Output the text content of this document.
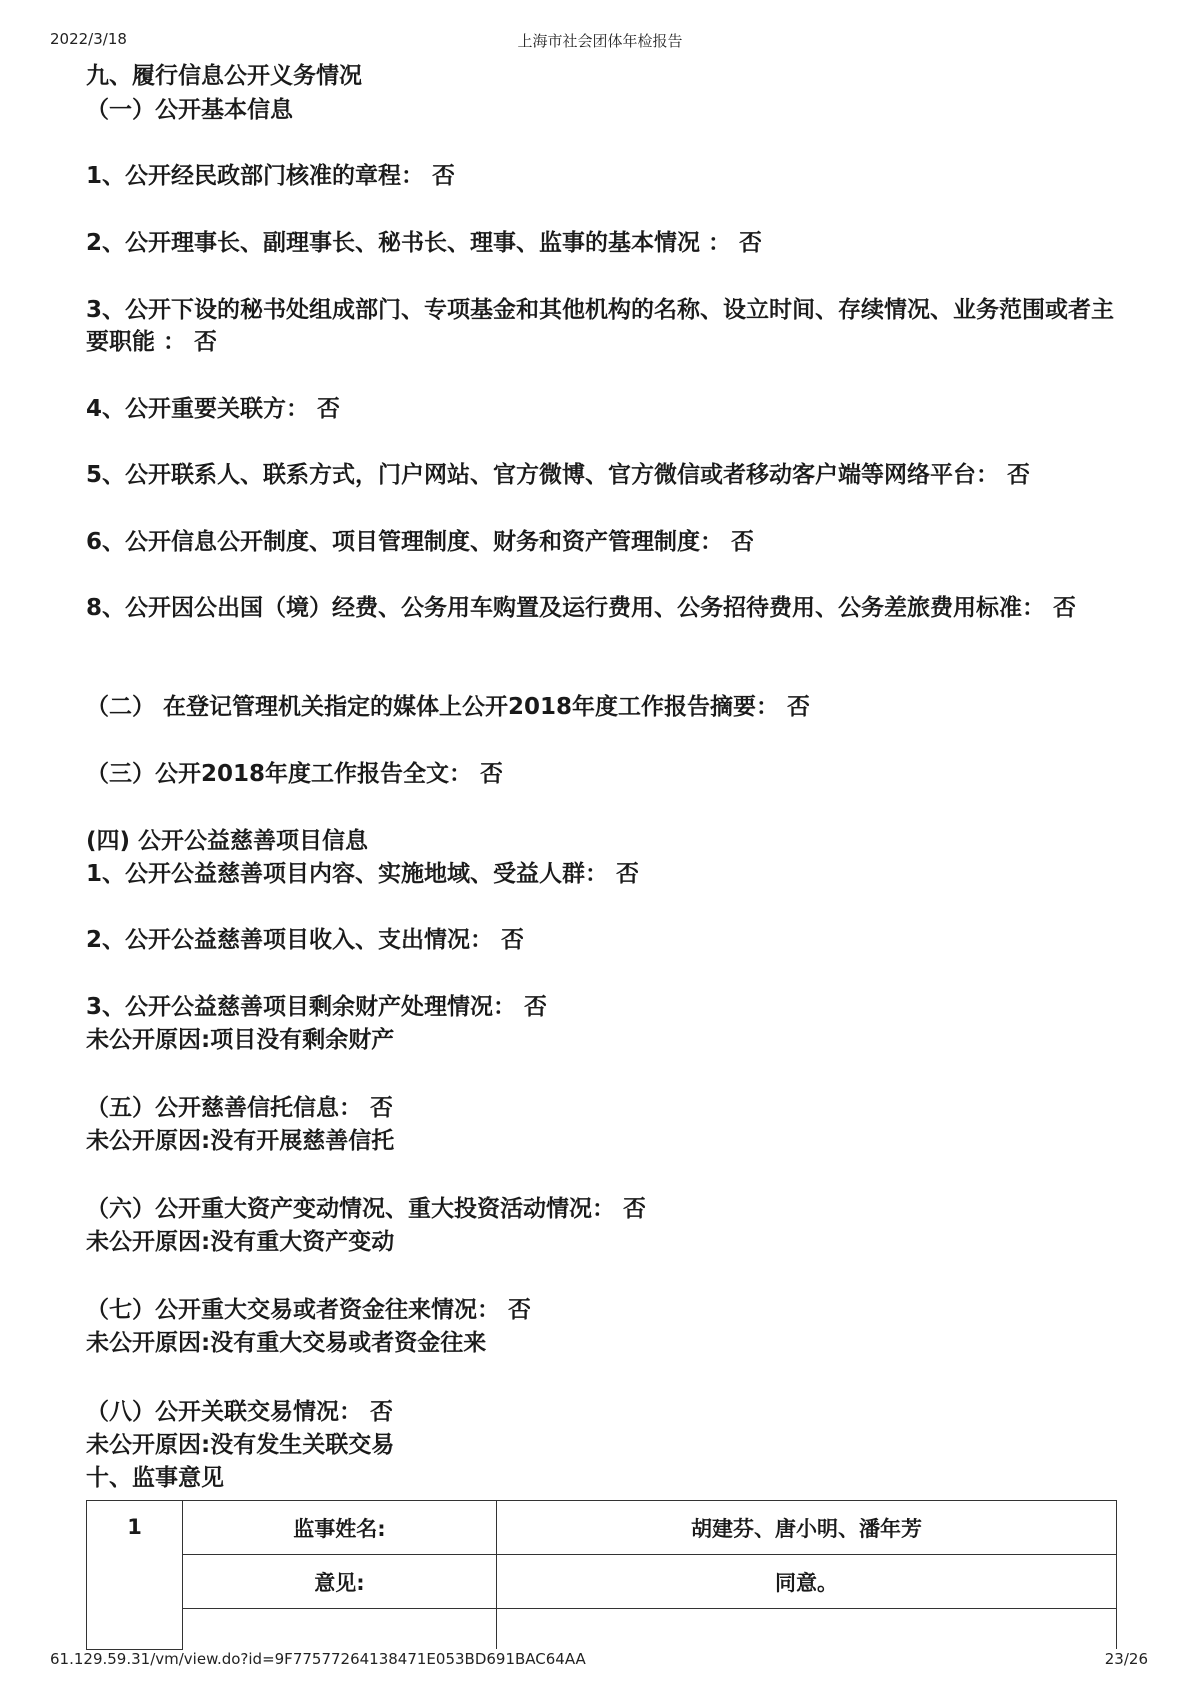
2022/3/18	上海市社会团体年检报告
九、履行信息公开义务情况
（一）公开基本信息
1、公开经民政部门核准的章程： 否
2、公开理事长、副理事长、秘书长、理事、监事的基本情况 ： 否
3、公开下设的秘书处组成部门、专项基金和其他机构的名称、设立时间、存续情况、业务范围或者主要职能 ： 否
4、公开重要关联方： 否
5、公开联系人、联系方式，门户网站、官方微博、官方微信或者移动客户端等网络平台： 否
6、公开信息公开制度、项目管理制度、财务和资产管理制度： 否
8、公开因公出国（境）经费、公务用车购置及运行费用、公务招待费用、公务差旅费用标准： 否
（二） 在登记管理机关指定的媒体上公开2018年度工作报告摘要： 否
（三）公开2018年度工作报告全文： 否
(四) 公开公益慈善项目信息
1、公开公益慈善项目内容、实施地域、受益人群： 否
2、公开公益慈善项目收入、支出情况： 否
3、公开公益慈善项目剩余财产处理情况： 否
未公开原因:项目没有剩余财产
（五）公开慈善信托信息： 否
未公开原因:没有开展慈善信托
（六）公开重大资产变动情况、重大投资活动情况： 否
未公开原因:没有重大资产变动
（七）公开重大交易或者资金往来情况： 否
未公开原因:没有重大交易或者资金往来
（八）公开关联交易情况： 否
未公开原因:没有发生关联交易
十、监事意见
1	监事姓名:	胡建芬、唐小明、潘年芳
	意见:	同意。

61.129.59.31/vm/view.do?id=9F77577264138471E053BD691BAC64AA	23/26
